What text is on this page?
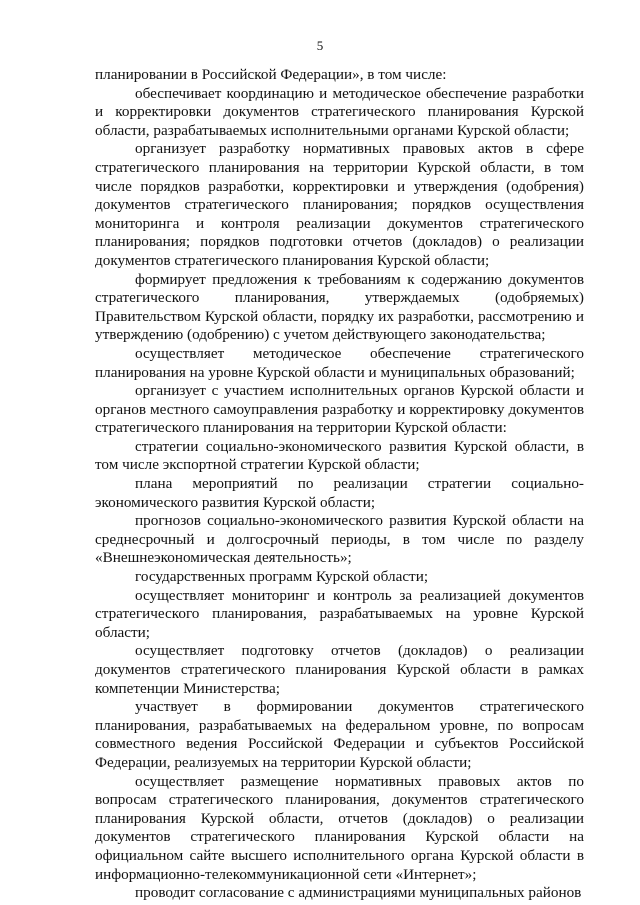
5

планировании в Российской Федерации», в том числе:

обеспечивает координацию и методическое обеспечение разработки и корректировки документов стратегического планирования Курской области, разрабатываемых исполнительными органами Курской области;

организует разработку нормативных правовых актов в сфере стратегического планирования на территории Курской области, в том числе порядков разработки, корректировки и утверждения (одобрения) документов стратегического планирования; порядков осуществления мониторинга и контроля реализации документов стратегического планирования; порядков подготовки отчетов (докладов) о реализации документов стратегического планирования Курской области;

формирует предложения к требованиям к содержанию документов стратегического планирования, утверждаемых (одобряемых) Правительством Курской области, порядку их разработки, рассмотрению и утверждению (одобрению) с учетом действующего законодательства;

осуществляет методическое обеспечение стратегического планирования на уровне Курской области и муниципальных образований;

организует с участием исполнительных органов Курской области и органов местного самоуправления разработку и корректировку документов стратегического планирования на территории Курской области:

стратегии социально-экономического развития Курской области, в том числе экспортной стратегии Курской области;

плана мероприятий по реализации стратегии социально-экономического развития Курской области;

прогнозов социально-экономического развития Курской области на среднесрочный и долгосрочный периоды, в том числе по разделу «Внешнеэкономическая деятельность»;

государственных программ Курской области;

осуществляет мониторинг и контроль за реализацией документов стратегического планирования, разрабатываемых на уровне Курской области;

осуществляет подготовку отчетов (докладов) о реализации документов стратегического планирования Курской области в рамках компетенции Министерства;

участвует в формировании документов стратегического планирования, разрабатываемых на федеральном уровне, по вопросам совместного ведения Российской Федерации и субъектов Российской Федерации, реализуемых на территории Курской области;

осуществляет размещение нормативных правовых актов по вопросам стратегического планирования, документов стратегического планирования Курской области, отчетов (докладов) о реализации документов стратегического планирования Курской области на официальном сайте высшего исполнительного органа Курской области в информационно-телекоммуникационной сети «Интернет»;

проводит согласование с администрациями муниципальных районов
